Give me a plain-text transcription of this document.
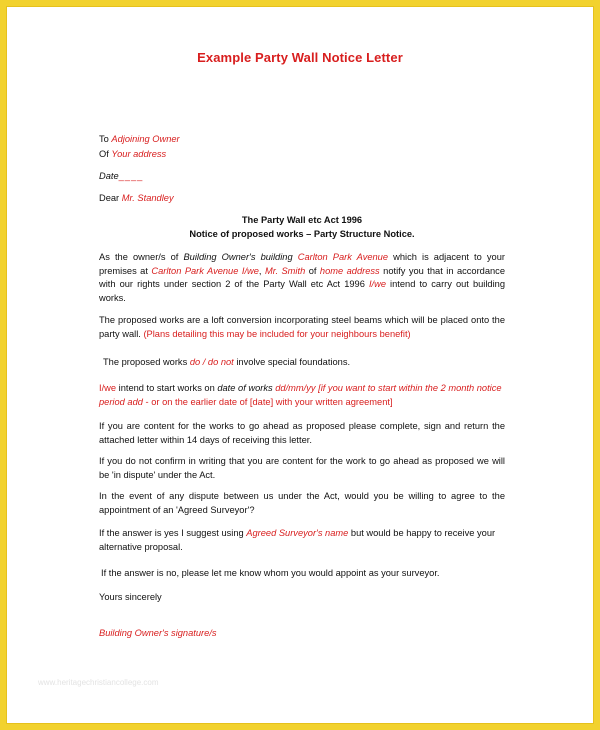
Example Party Wall Notice Letter

To Adjoining Owner

Of Your address

Date____

Dear Mr. Standley

The Party Wall etc Act 1996
Notice of proposed works – Party Structure Notice.

As the owner/s of Building Owner's building Carlton Park Avenue which is adjacent to your premises at Carlton Park Avenue I/we, Mr. Smith of home address notify you that in accordance with our rights under section 2 of the Party Wall etc Act 1996 I/we intend to carry out building works.

The proposed works are a loft conversion incorporating steel beams which will be placed onto the party wall. (Plans detailing this may be included for your neighbours benefit)

The proposed works do / do not involve special foundations.

I/we intend to start works on date of works dd/mm/yy [if you want to start within the 2 month notice period add - or on the earlier date of [date] with your written agreement]

If you are content for the works to go ahead as proposed please complete, sign and return the attached letter within 14 days of receiving this letter.

If you do not confirm in writing that you are content for the work to go ahead as proposed we will be 'in dispute' under the Act.

In the event of any dispute between us under the Act, would you be willing to agree to the appointment of an 'Agreed Surveyor'?

If the answer is yes I suggest using Agreed Surveyor's name but would be happy to receive your alternative proposal.

If the answer is no, please let me know whom you would appoint as your surveyor.

Yours sincerely

Building Owner's signature/s

www.heritagechristiancollege.com
